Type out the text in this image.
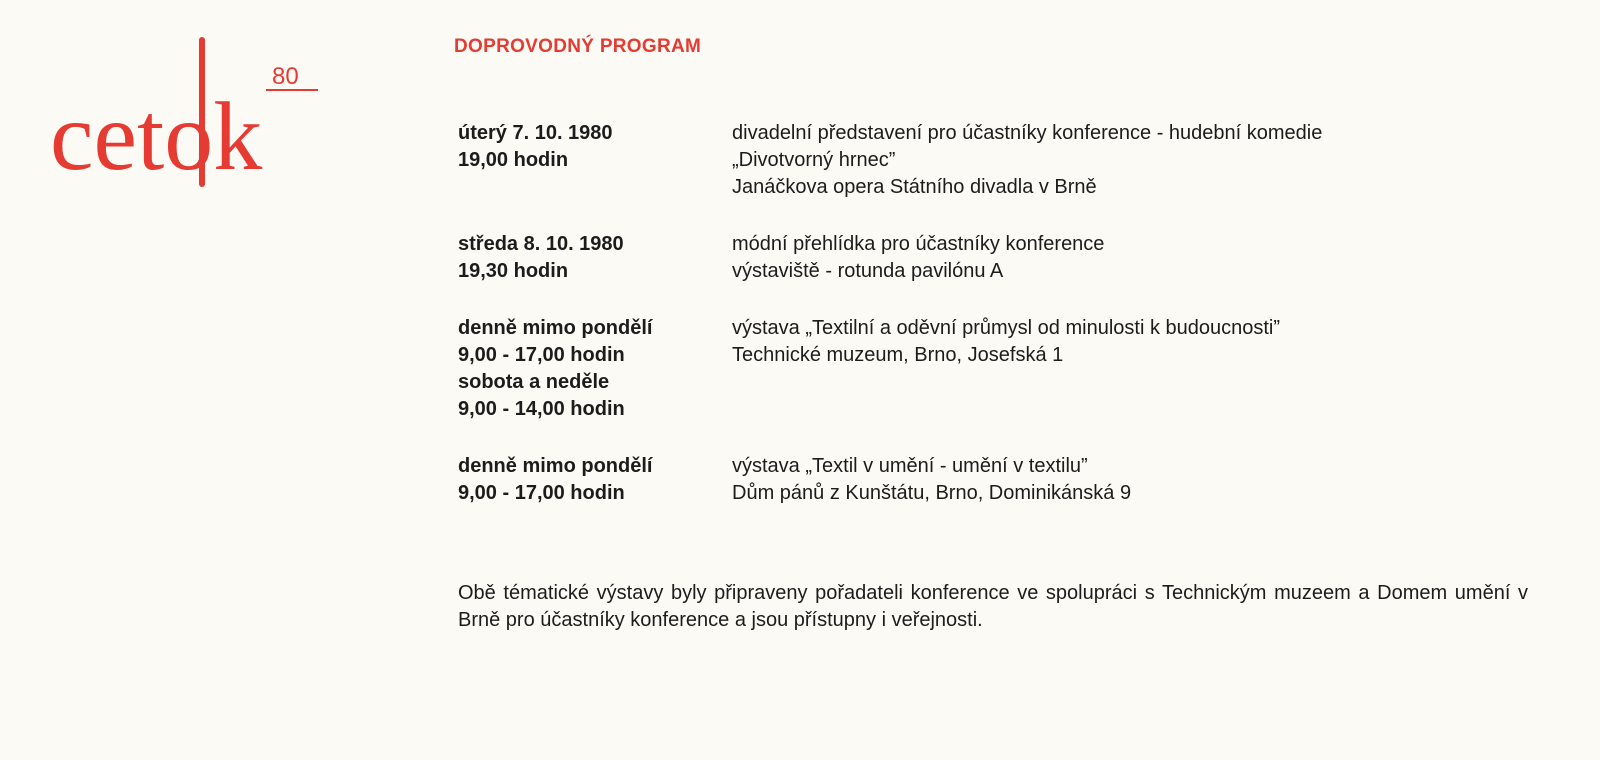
cetok
80
DOPROVODNÝ PROGRAM
úterý 7. 10. 1980
19,00 hodin
divadelní představení pro účastníky konference - hudební komedie
„Divotvorný hrnec”
Janáčkova opera Státního divadla v Brně
středa 8. 10. 1980
19,30 hodin
módní přehlídka pro účastníky konference
výstaviště - rotunda pavilónu A
denně mimo pondělí
9,00 - 17,00 hodin
sobota a neděle
9,00 - 14,00 hodin
výstava „Textilní a oděvní průmysl od minulosti k budoucnosti”
Technické muzeum, Brno, Josefská 1
denně mimo pondělí
9,00 - 17,00 hodin
výstava „Textil v umění - umění v textilu”
Dům pánů z Kunštátu, Brno, Dominikánská 9
Obě tématické výstavy byly připraveny pořadateli konference ve spolupráci s Technickým muzeem a Domem umění v Brně pro účastníky konference a jsou přístupny i veřejnosti.
